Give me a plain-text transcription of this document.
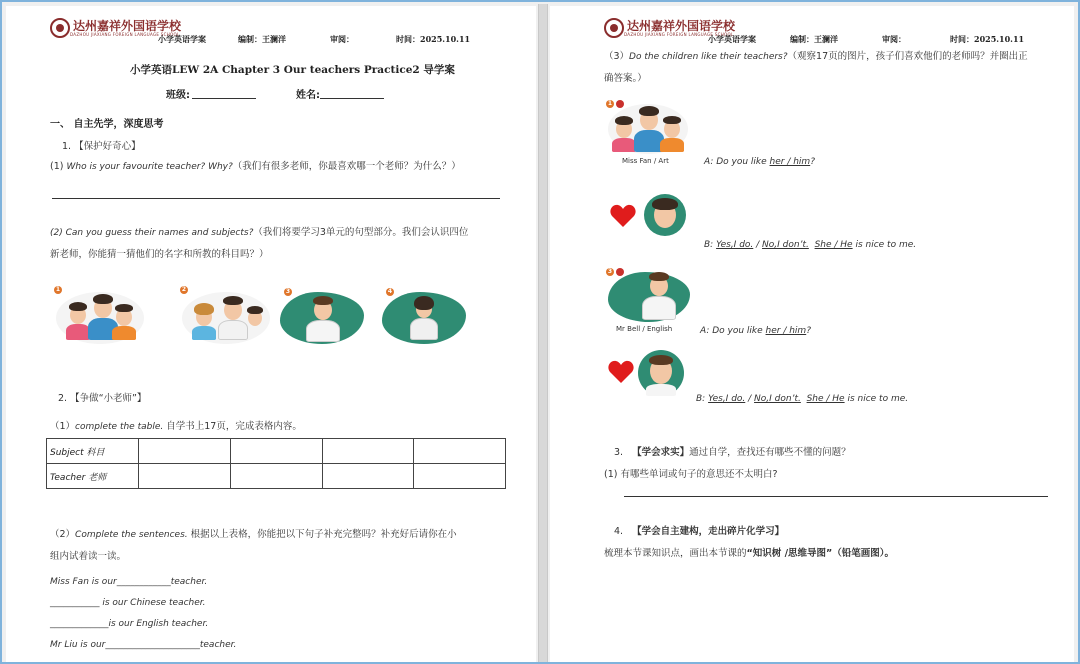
达州嘉祥外国语学校
DAZHOU JIAXIANG FOREIGN LANGUAGE SCHOOL
小学英语学案	编制：王澜洋	审阅：	时间：2025.10.11
小学英语LEW 2A Chapter 3 Our teachers Practice2 导学案
班级:	姓名:
一、 自主先学，深度思考
1. 【保护好奇心】
(1) Who is your favourite teacher? Why?（我们有很多老师，你最喜欢哪一个老师？为什么？）
(2) Can you guess their names and subjects?（我们将要学习3单元的句型部分。我们会认识四位
新老师，你能猜一猜他们的名字和所教的科目吗？）
1	2	3	4
2. 【争做“小老师”】
（1）complete the table. 自学书上17页，完成表格内容。
Subject 科目				
Teacher 老师				
（2）Complete the sentences. 根据以上表格，你能把以下句子补充完整吗？补充好后请你在小
组内试着读一读。
Miss Fan is our____________teacher.
___________ is our Chinese teacher.
_____________is our English teacher.
Mr Liu is our_____________________teacher.
达州嘉祥外国语学校
DAZHOU JIAXIANG FOREIGN LANGUAGE SCHOOL
小学英语学案	编制：王澜洋	审阅：	时间：2025.10.11
（3）Do the children like their teachers?（观察17页的图片，孩子们喜欢他们的老师吗？并圈出正
确答案。）
1
Miss Fan / Art	A: Do you like her / him?
B: Yes,I do. / No,I don’t. She / He is nice to me.
3
Mr Bell / English	A: Do you like her / him?
B: Yes,I do. / No,I don’t. She / He is nice to me.
3. 【学会求实】通过自学，查找还有哪些不懂的问题？
(1) 有哪些单词或句子的意思还不太明白?
4. 【学会自主建构，走出碎片化学习】
梳理本节课知识点，画出本节课的“知识树 /思维导图”（铅笔画图）。
